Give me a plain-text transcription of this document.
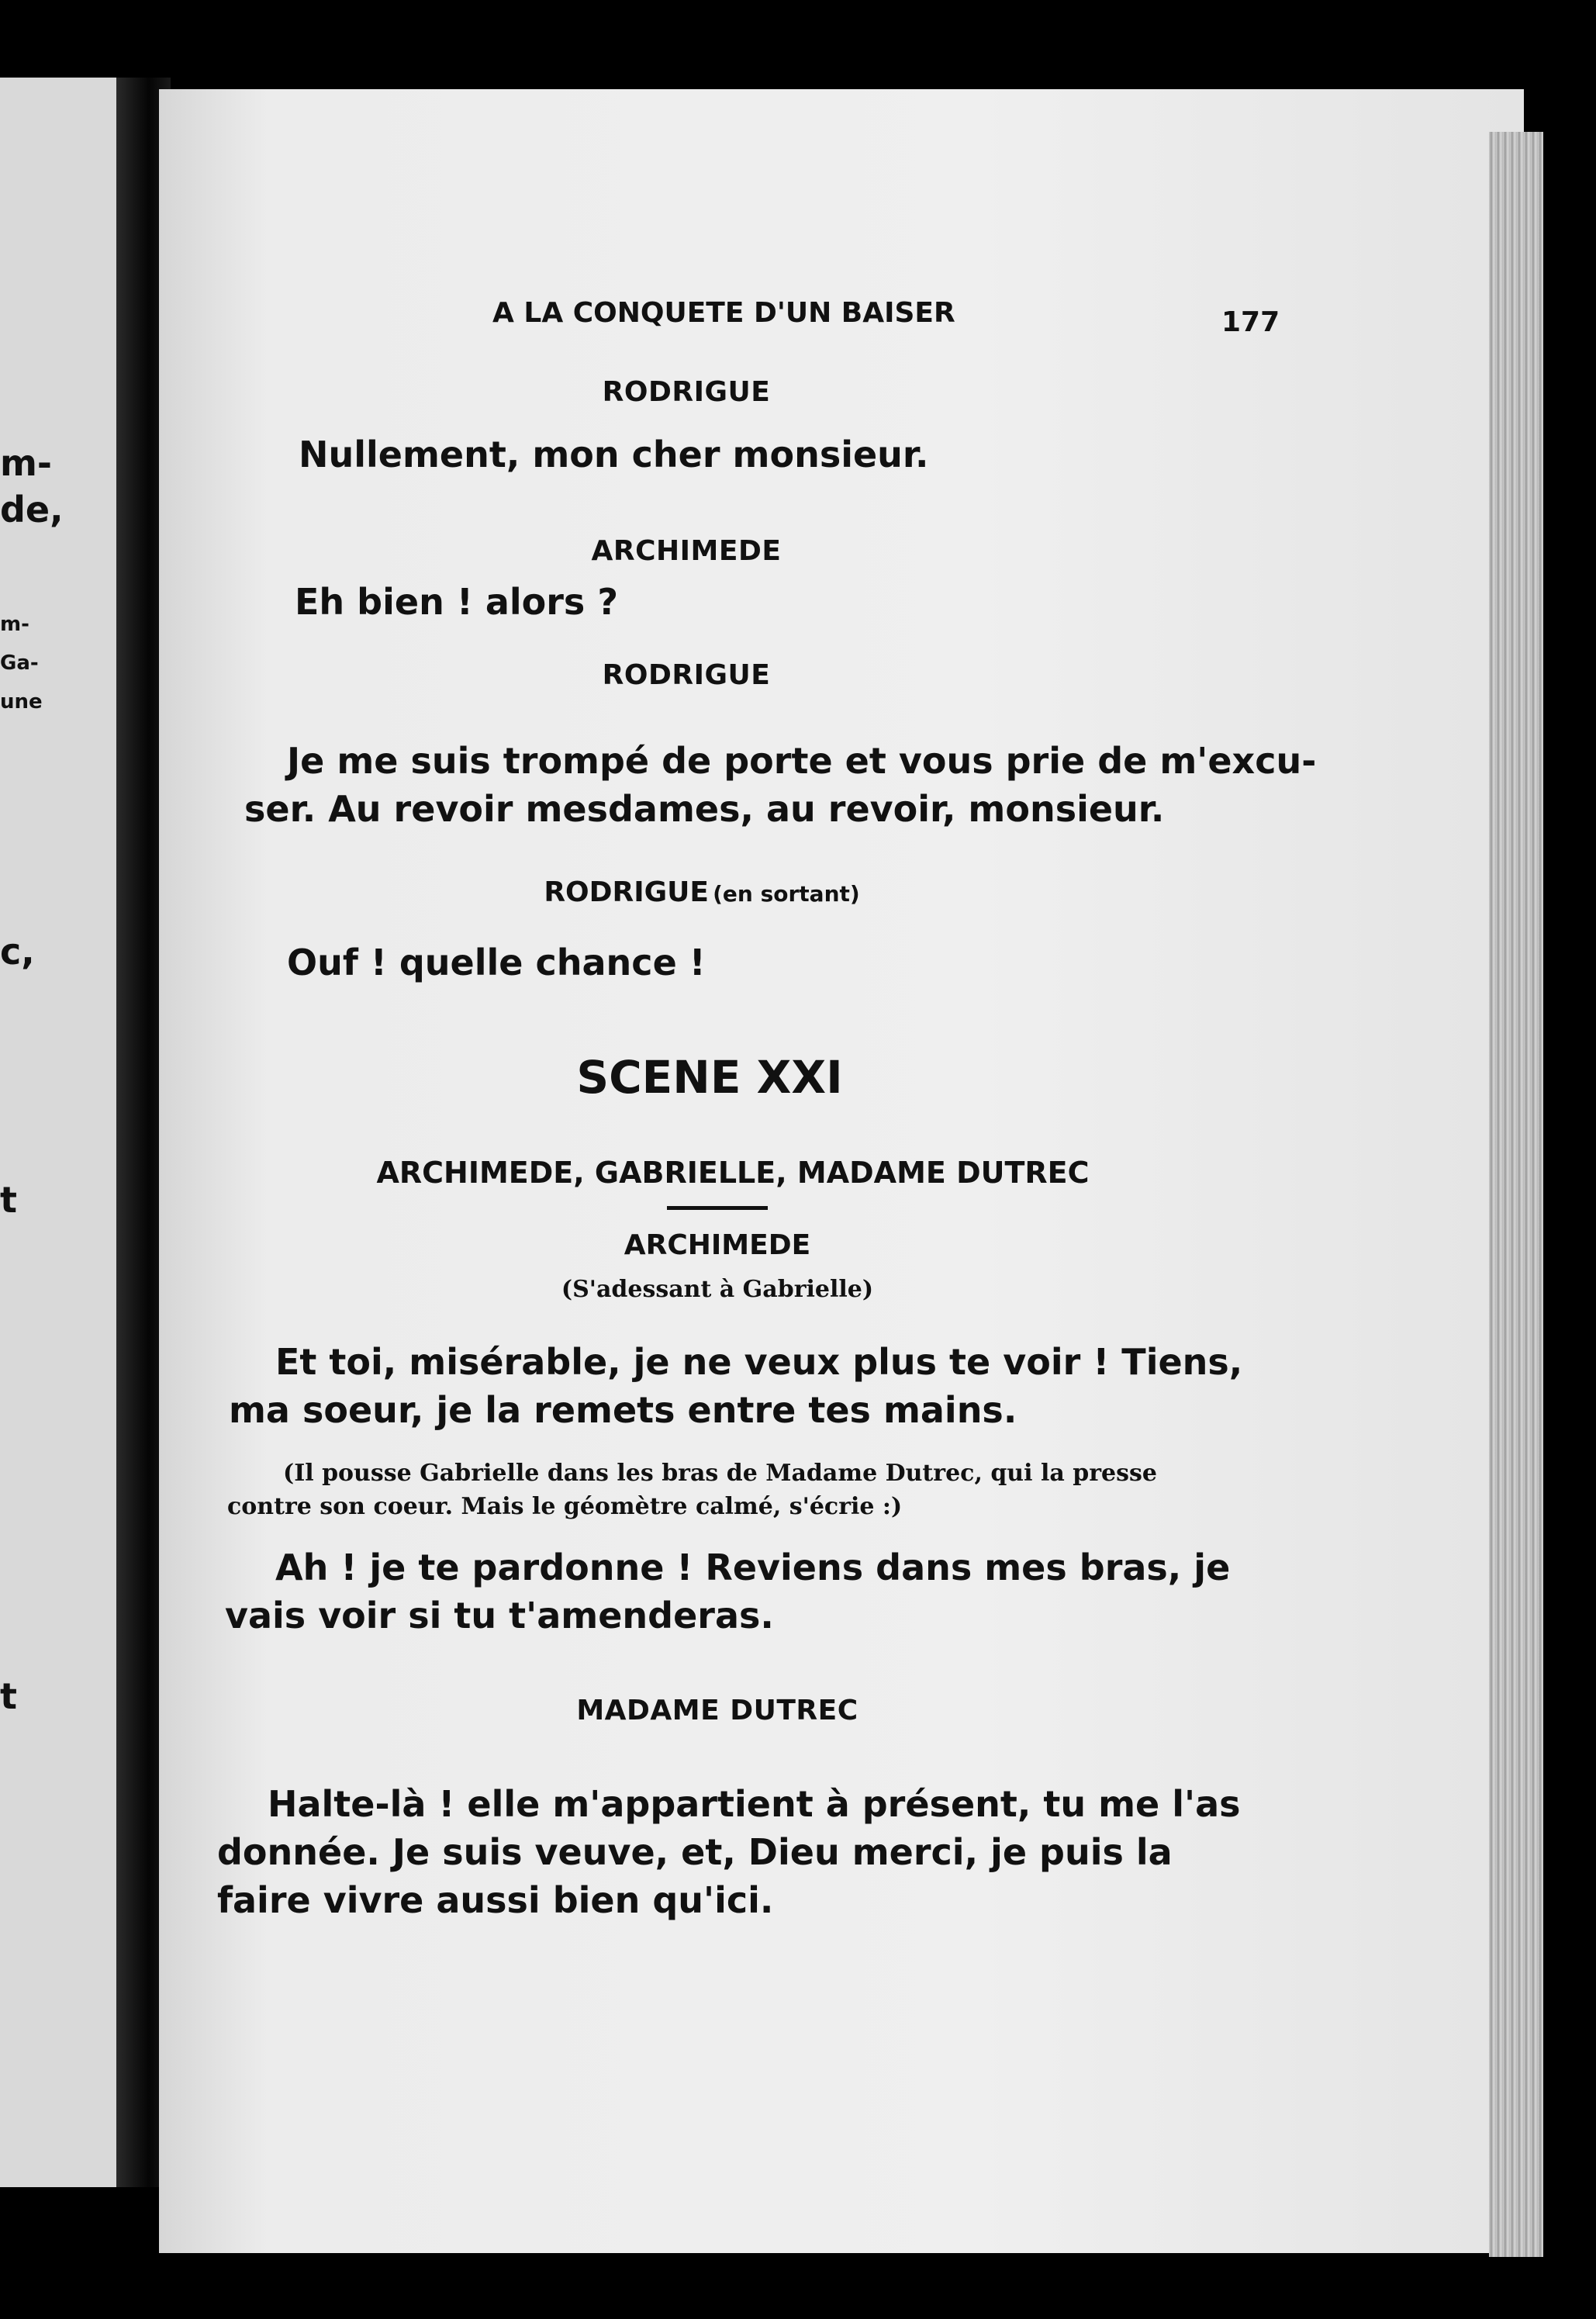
m-
de,
m-
Ga-
une
c,
t
t
A LA CONQUETE D'UN BAISER	177
RODRIGUE
Nullement, mon cher monsieur.
ARCHIMEDE
Eh bien ! alors ?
RODRIGUE
Je me suis trompé de porte et vous prie de m'excu-
ser. Au revoir mesdames, au revoir, monsieur.
RODRIGUE (en sortant)
Ouf ! quelle chance !
SCENE XXI
ARCHIMEDE, GABRIELLE, MADAME DUTREC
ARCHIMEDE
(S'adessant à Gabrielle)
Et toi, misérable, je ne veux plus te voir ! Tiens,
ma soeur, je la remets entre tes mains.
(Il pousse Gabrielle dans les bras de Madame Dutrec, qui la presse
contre son coeur. Mais le géomètre calmé, s'écrie :)
Ah ! je te pardonne ! Reviens dans mes bras, je
vais voir si tu t'amenderas.
MADAME DUTREC
Halte-là ! elle m'appartient à présent, tu me l'as
donnée. Je suis veuve, et, Dieu merci, je puis la
faire vivre aussi bien qu'ici.
